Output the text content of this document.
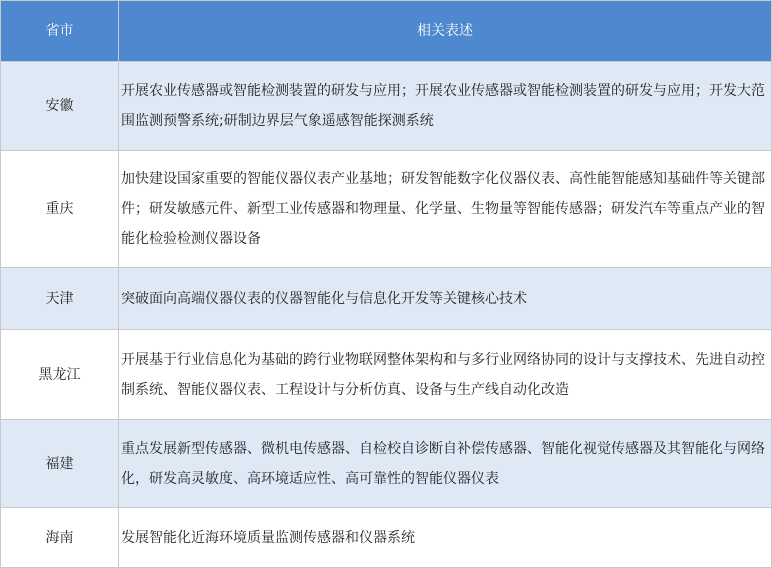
省市	相关表述
安徽	开展农业传感器或智能检测装置的研发与应用；开展农业传感器或智能检测装置的研发与应用；开发大范围监测预警系统;研制边界层气象遥感智能探测系统
重庆	加快建设国家重要的智能仪器仪表产业基地；研发智能数字化仪器仪表、高性能智能感知基础件等关键部件；研发敏感元件、新型工业传感器和物理量、化学量、生物量等智能传感器；研发汽车等重点产业的智能化检验检测仪器设备
天津	突破面向高端仪器仪表的仪器智能化与信息化开发等关键核心技术
黑龙江	开展基于行业信息化为基础的跨行业物联网整体架构和与多行业网络协同的设计与支撑技术、先进自动控制系统、智能仪器仪表、工程设计与分析仿真、设备与生产线自动化改造
福建	重点发展新型传感器、微机电传感器、自检校自诊断自补偿传感器、智能化视觉传感器及其智能化与网络化，研发高灵敏度、高环境适应性、高可靠性的智能仪器仪表
海南	发展智能化近海环境质量监测传感器和仪器系统
